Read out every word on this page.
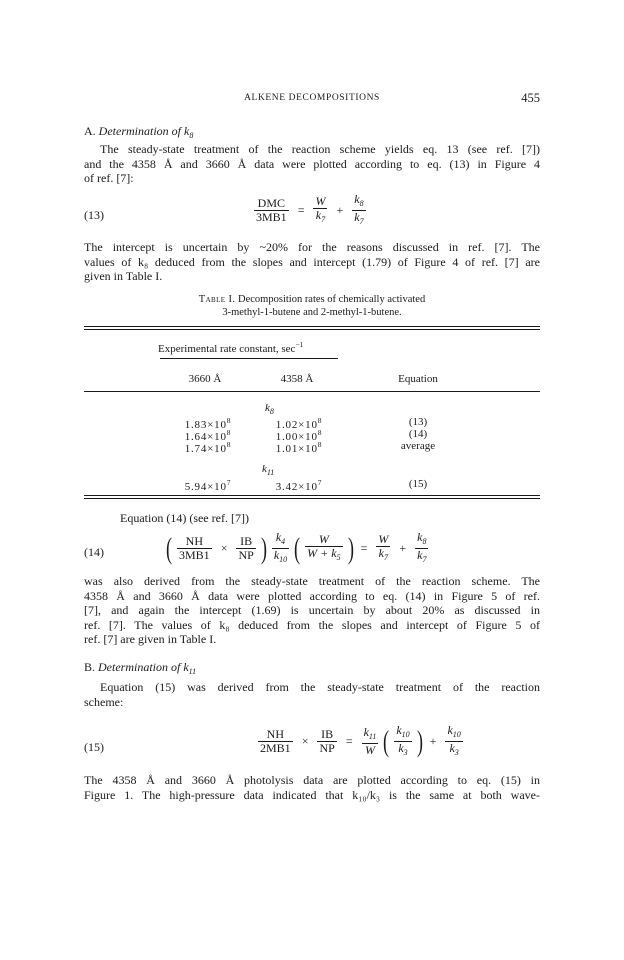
ALKENE DECOMPOSITIONS	455
A. Determination of $k_8$
The steady-state treatment of the reaction scheme yields eq. 13 (see ref. [7])
and the 4358 Å and 3660 Å data were plotted according to eq. (13) in Figure 4
of ref. [7]:
(13)	$\frac{\text{DMC}}{3MB1} = \frac{W}{k_7} + \frac{k_8}{k_7}$
The intercept is uncertain by ~20% for the reasons discussed in ref. [7]. The
values of k₈ deduced from the slopes and intercept (1.79) of Figure 4 of ref. [7] are
given in Table I.
Table I. Decomposition rates of chemically activated
3-methyl-1-butene and 2-methyl-1-butene.
Experimental rate constant, $\sec^{-1}$
3660 Å	4358 Å	Equation
$k_8$
$1.83\times 10^8$	$1.02\times 10^8$	(13)
$1.64\times 10^8$	$1.00\times 10^8$	(14)
$1.74\times 10^8$	$1.01\times 10^8$	average
$k_{11}$
$5.94\times 10^7$	$3.42\times 10^7$	(15)
Equation (14) (see ref. [7])
(14) ( $\frac{NH}{3MB1} \times \frac{IB}{NP}$ ) $\frac{k_4}{k_{10}}$ ( $\frac{W}{W + k_5}$ ) = $\frac{W}{k_7} + \frac{k_8}{k_7}$
was also derived from the steady-state treatment of the reaction scheme. The
4358 Å and 3660 Å data were plotted according to eq. (14) in Figure 5 of ref.
[7], and again the intercept (1.69) is uncertain by about 20% as discussed in
ref. [7]. The values of k₈ deduced from the slopes and intercept of Figure 5 of
ref. [7] are given in Table I.
B. Determination of $k_{11}$
Equation (15) was derived from the steady-state treatment of the reaction
scheme:
(15)	$\frac{NH}{2MB1} \times \frac{IB}{NP} = \frac{k_{11}}{W}$ ( $\frac{k_{10}}{k_3}$ ) + $\frac{k_{10}}{k_3}$
The 4358 Å and 3660 Å photolysis data are plotted according to eq. (15) in
Figure 1. The high-pressure data indicated that k₁₀/k₃ is the same at both wave-
